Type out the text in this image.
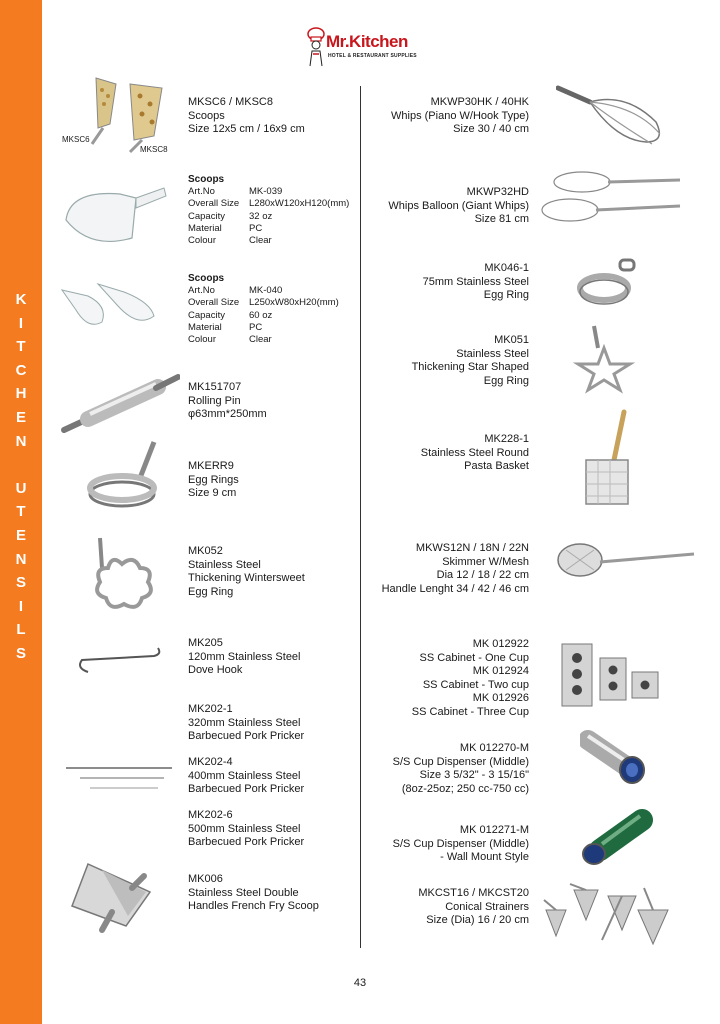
K
I
T
C
H
E
N
U
T
E
N
S
I
L
S
Mr.Kitchen
HOTEL & RESTAURANT SUPPLIES
MKSC6
MKSC8
MKSC6 / MKSC8
Scoops
Size 12x5 cm / 16x9 cm
Scoops
Art.No	MK-039
Overall Size	L280xW120xH120(mm)
Capacity	32 oz
Material	PC
Colour	Clear
Scoops
Art.No	MK-040
Overall Size	L250xW80xH20(mm)
Capacity	60 oz
Material	PC
Colour	Clear
MK151707
Rolling Pin
φ63mm*250mm
MKERR9
Egg Rings
Size 9 cm
MK052
Stainless Steel
Thickening Wintersweet
Egg Ring
MK205
120mm Stainless Steel
Dove Hook
MK202-1
320mm Stainless Steel
Barbecued Pork Pricker
MK202-4
400mm Stainless Steel
Barbecued Pork Pricker
MK202-6
500mm Stainless Steel
Barbecued Pork Pricker
MK006
Stainless Steel Double
Handles French Fry Scoop
MKWP30HK / 40HK
Whips (Piano W/Hook Type)
Size 30 / 40 cm
MKWP32HD
Whips Balloon (Giant Whips)
Size 81 cm
MK046-1
75mm Stainless Steel
Egg Ring
MK051
Stainless Steel
Thickening Star Shaped
Egg Ring
MK228-1
Stainless Steel Round
Pasta Basket
MKWS12N / 18N / 22N
Skimmer W/Mesh
Dia 12 / 18 / 22 cm
Handle Lenght 34 / 42 / 46 cm
MK 012922
SS Cabinet - One Cup
MK 012924
SS Cabinet - Two cup
MK 012926
SS Cabinet - Three Cup
MK 012270-M
S/S Cup Dispenser (Middle)
Size 3 5/32" - 3 15/16"
(8oz-25oz; 250 cc-750 cc)
MK 012271-M
S/S Cup Dispenser (Middle)
- Wall Mount Style
MKCST16 / MKCST20
Conical Strainers
Size (Dia) 16 / 20 cm
43
